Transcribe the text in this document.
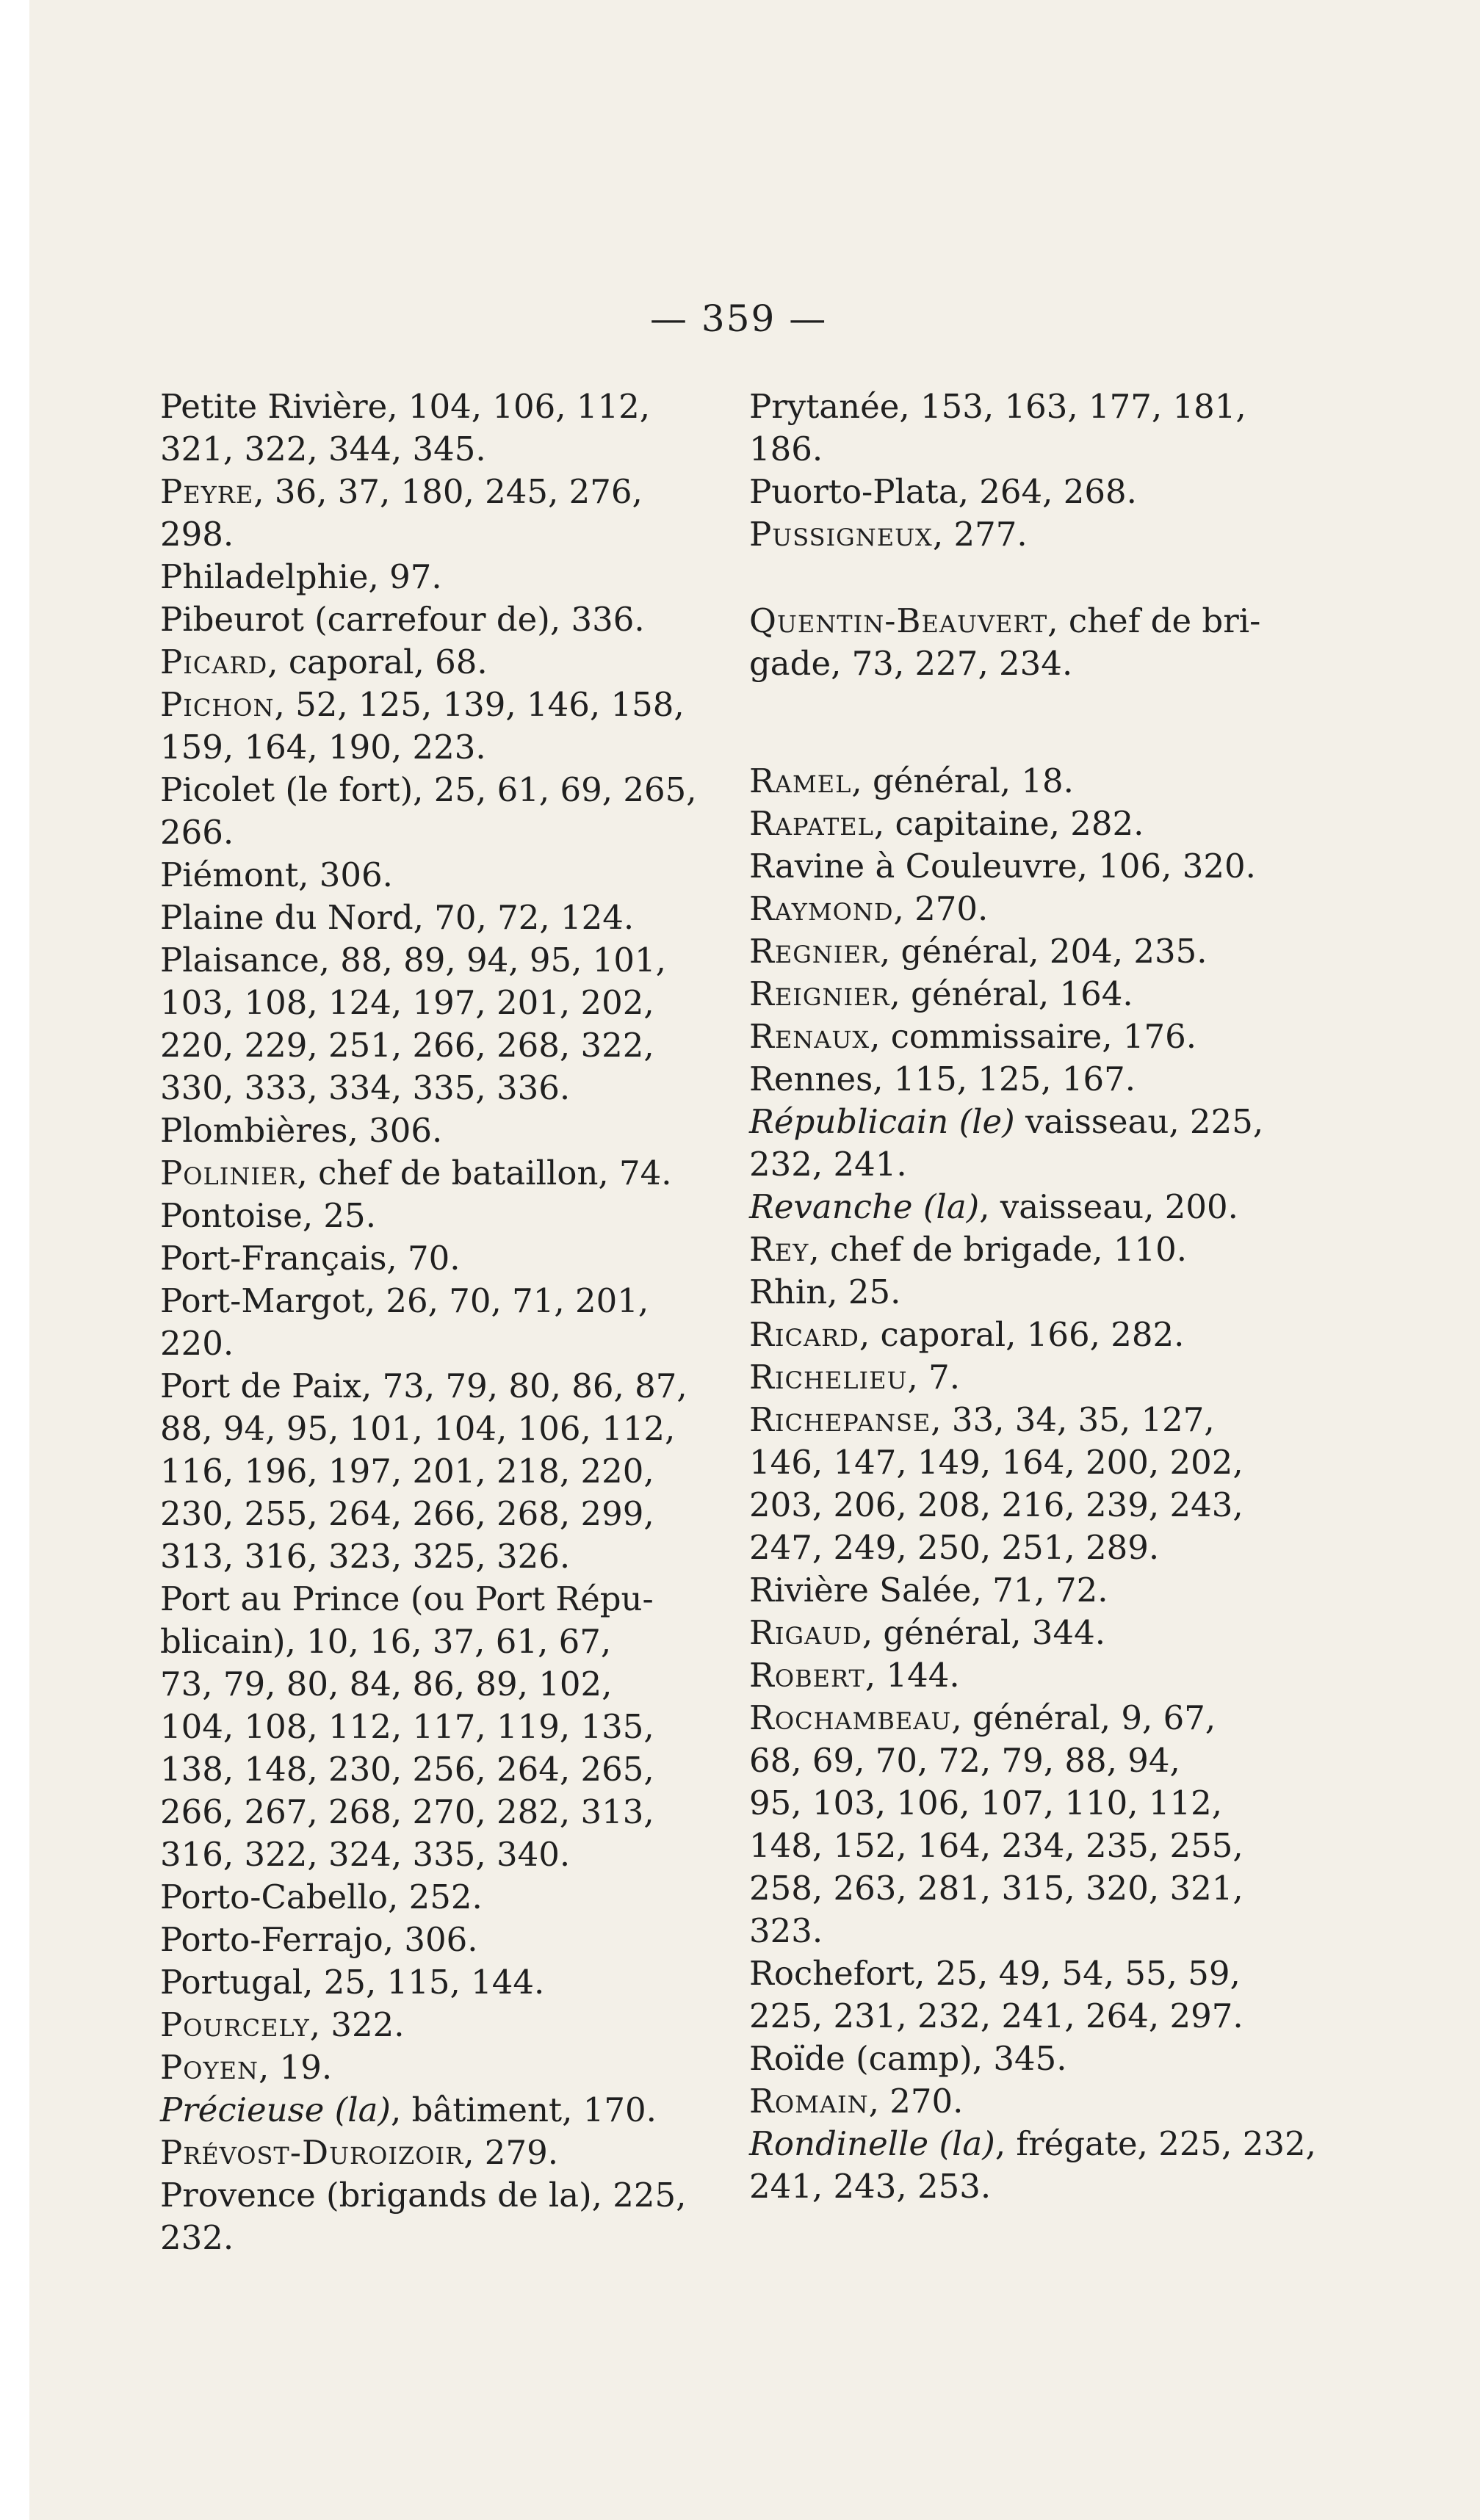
— 359 —
Petite Rivière, 104, 106, 112,
321, 322, 344, 345.
Peyre, 36, 37, 180, 245, 276,
298.
Philadelphie, 97.
Pibeurot (carrefour de), 336.
Picard, caporal, 68.
Pichon, 52, 125, 139, 146, 158,
159, 164, 190, 223.
Picolet (le fort), 25, 61, 69, 265,
266.
Piémont, 306.
Plaine du Nord, 70, 72, 124.
Plaisance, 88, 89, 94, 95, 101,
103, 108, 124, 197, 201, 202,
220, 229, 251, 266, 268, 322,
330, 333, 334, 335, 336.
Plombières, 306.
Polinier, chef de bataillon, 74.
Pontoise, 25.
Port-Français, 70.
Port-Margot, 26, 70, 71, 201,
220.
Port de Paix, 73, 79, 80, 86, 87,
88, 94, 95, 101, 104, 106, 112,
116, 196, 197, 201, 218, 220,
230, 255, 264, 266, 268, 299,
313, 316, 323, 325, 326.
Port au Prince (ou Port Répu-
blicain), 10, 16, 37, 61, 67,
73, 79, 80, 84, 86, 89, 102,
104, 108, 112, 117, 119, 135,
138, 148, 230, 256, 264, 265,
266, 267, 268, 270, 282, 313,
316, 322, 324, 335, 340.
Porto-Cabello, 252.
Porto-Ferrajo, 306.
Portugal, 25, 115, 144.
Pourcely, 322.
Poyen, 19.
Précieuse (la), bâtiment, 170.
Prévost-Duroizoir, 279.
Provence (brigands de la), 225,
232.
Prytanée, 153, 163, 177, 181,
186.
Puorto-Plata, 264, 268.
Pussigneux, 277.
Quentin-Beauvert, chef de bri-
gade, 73, 227, 234.
Ramel, général, 18.
Rapatel, capitaine, 282.
Ravine à Couleuvre, 106, 320.
Raymond, 270.
Regnier, général, 204, 235.
Reignier, général, 164.
Renaux, commissaire, 176.
Rennes, 115, 125, 167.
Républicain (le) vaisseau, 225,
232, 241.
Revanche (la), vaisseau, 200.
Rey, chef de brigade, 110.
Rhin, 25.
Ricard, caporal, 166, 282.
Richelieu, 7.
Richepanse, 33, 34, 35, 127,
146, 147, 149, 164, 200, 202,
203, 206, 208, 216, 239, 243,
247, 249, 250, 251, 289.
Rivière Salée, 71, 72.
Rigaud, général, 344.
Robert, 144.
Rochambeau, général, 9, 67,
68, 69, 70, 72, 79, 88, 94,
95, 103, 106, 107, 110, 112,
148, 152, 164, 234, 235, 255,
258, 263, 281, 315, 320, 321,
323.
Rochefort, 25, 49, 54, 55, 59,
225, 231, 232, 241, 264, 297.
Roïde (camp), 345.
Romain, 270.
Rondinelle (la), frégate, 225, 232,
241, 243, 253.
